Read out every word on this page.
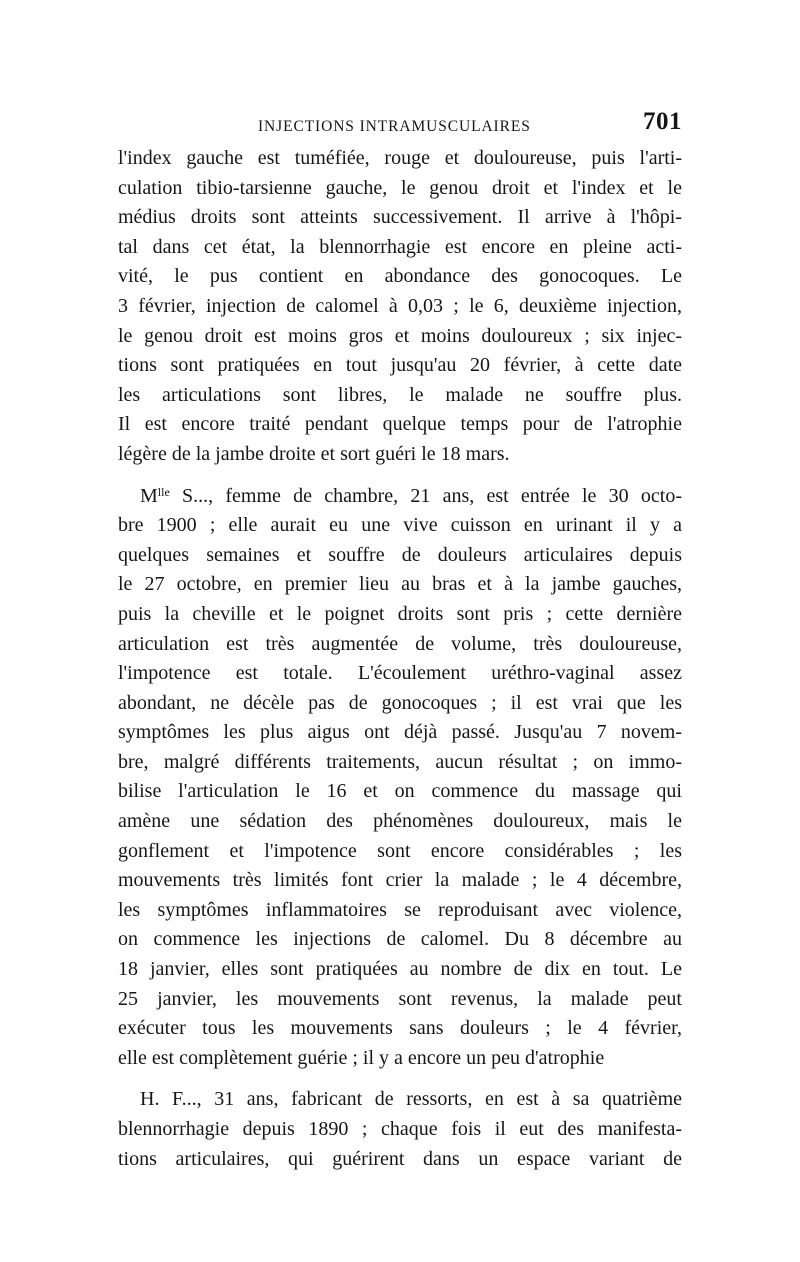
INJECTIONS INTRAMUSCULAIRES	701
l'index gauche est tuméfiée, rouge et douloureuse, puis l'arti-
culation tibio-tarsienne gauche, le genou droit et l'index et le
médius droits sont atteints successivement. Il arrive à l'hôpi-
tal dans cet état, la blennorrhagie est encore en pleine acti-
vité, le pus contient en abondance des gonocoques. Le
3 février, injection de calomel à 0,03 ; le 6, deuxième injection,
le genou droit est moins gros et moins douloureux ; six injec-
tions sont pratiquées en tout jusqu'au 20 février, à cette date
les articulations sont libres, le malade ne souffre plus.
Il est encore traité pendant quelque temps pour de l'atrophie
légère de la jambe droite et sort guéri le 18 mars.
$M^{lle}$ S..., femme de chambre, 21 ans, est entrée le 30 octo-
bre 1900 ; elle aurait eu une vive cuisson en urinant il y a
quelques semaines et souffre de douleurs articulaires depuis
le 27 octobre, en premier lieu au bras et à la jambe gauches,
puis la cheville et le poignet droits sont pris ; cette dernière
articulation est très augmentée de volume, très douloureuse,
l'impotence est totale. L'écoulement uréthro-vaginal assez
abondant, ne décèle pas de gonocoques ; il est vrai que les
symptômes les plus aigus ont déjà passé. Jusqu'au 7 novem-
bre, malgré différents traitements, aucun résultat ; on immo-
bilise l'articulation le 16 et on commence du massage qui
amène une sédation des phénomènes douloureux, mais le
gonflement et l'impotence sont encore considérables ; les
mouvements très limités font crier la malade ; le 4 décembre,
les symptômes inflammatoires se reproduisant avec violence,
on commence les injections de calomel. Du 8 décembre au
18 janvier, elles sont pratiquées au nombre de dix en tout. Le
25 janvier, les mouvements sont revenus, la malade peut
exécuter tous les mouvements sans douleurs ; le 4 février,
elle est complètement guérie ; il y a encore un peu d'atrophie
H. F..., 31 ans, fabricant de ressorts, en est à sa quatrième
blennorrhagie depuis 1890 ; chaque fois il eut des manifesta-
tions articulaires, qui guérirent dans un espace variant de
